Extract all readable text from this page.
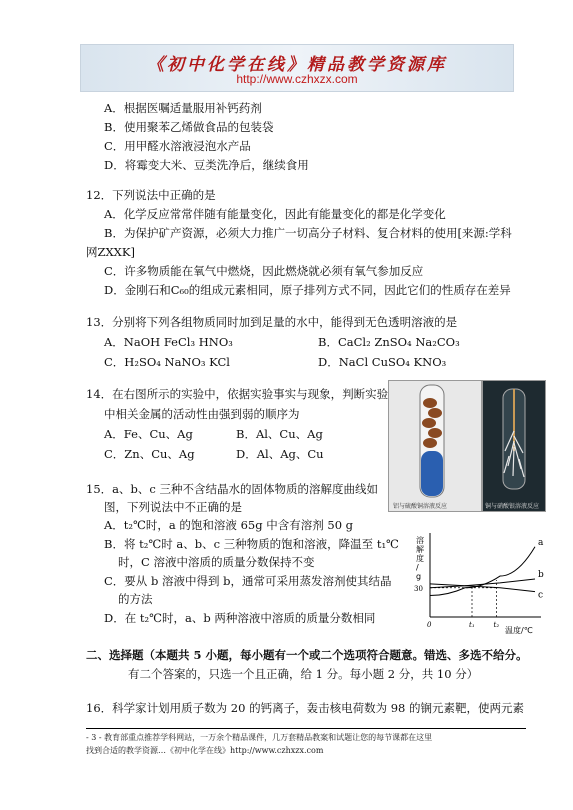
《初中化学在线》精品教学资源库
http://www.czhxzx.com
A．根据医嘱适量服用补钙药剂
B．使用聚苯乙烯做食品的包装袋
C．用甲醛水溶液浸泡水产品
D．将霉变大米、豆类洗净后，继续食用
12．下列说法中正确的是
A．化学反应常常伴随有能量变化，因此有能量变化的都是化学变化
B．为保护矿产资源，必须大力推广一切高分子材料、复合材料的使用[来源:学科
网ZXXK]
C．许多物质能在氧气中燃烧，因此燃烧就必须有氧气参加反应
D．金刚石和C₆₀的组成元素相同，原子排列方式不同，因此它们的性质存在差异
13．分别将下列各组物质同时加到足量的水中，能得到无色透明溶液的是
A．NaOH FeCl₃ HNO₃	B．CaCl₂ ZnSO₄ Na₂CO₃
C．H₂SO₄ NaNO₃ KCl	D．NaCl CuSO₄ KNO₃
14．在右图所示的实验中，依据实验事实与现象，判断实验
中相关金属的活动性由强到弱的顺序为
A．Fe、Cu、Ag	B．Al、Cu、Ag
C．Zn、Cu、Ag	D．Al、Ag、Cu
铝与硫酸铜溶液反应	铜与硝酸银溶液反应
15．a、b、c 三种不含结晶水的固体物质的溶解度曲线如
图，下列说法中不正确的是
A．t₂℃时，a 的饱和溶液 65g 中含有溶剂 50 g
B．将 t₂℃时 a、b、c 三种物质的饱和溶液，降温至 t₁℃
时，C 溶液中溶质的质量分数保持不变
C．要从 b 溶液中得到 b，通常可采用蒸发溶剂使其结晶
的方法
D．在 t₂℃时，a、b 两种溶液中溶质的质量分数相同
溶
解
度
/
g
温度/℃
0	t₁	t₂
30
a
b
c
二、选择题（本题共 5 小题，每小题有一个或二个选项符合题意。错选、多选不给分。
有二个答案的，只选一个且正确，给 1 分。每小题 2 分，共 10 分）
16．科学家计划用质子数为 20 的钙离子，轰击核电荷数为 98 的锎元素靶，使两元素
- 3 - 教育部重点推荐学科网站，一万余个精品课件，几万套精品教案和试题让您的每节课都在这里
找到合适的教学资源…《初中化学在线》http://www.czhxzx.com
